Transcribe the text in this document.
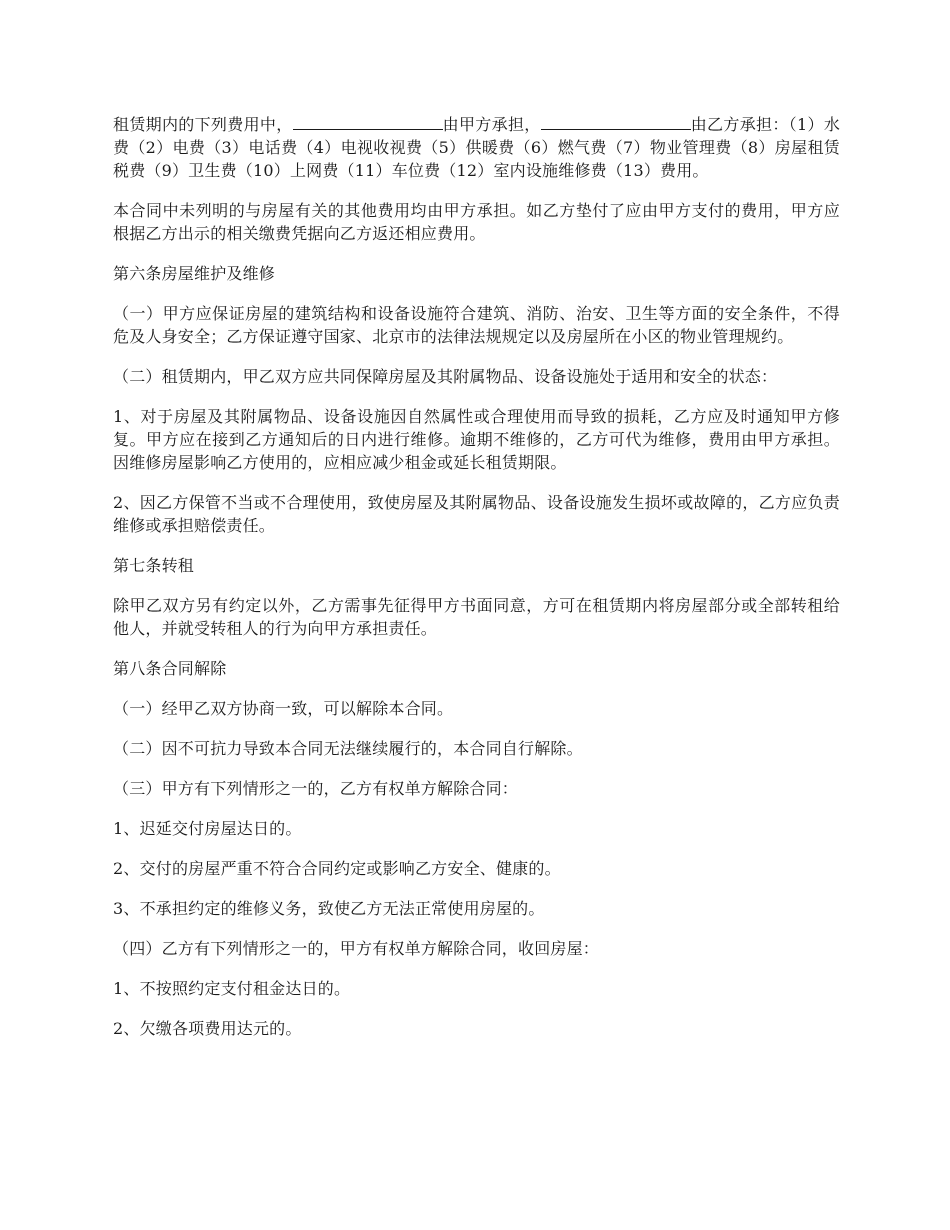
租赁期内的下列费用中，	由甲方承担，	由乙方承担：（1）水费（2）电费（3）电话费（4）电视收视费（5）供暖费（6）燃气费（7）物业管理费（8）房屋租赁税费（9）卫生费（10）上网费（11）车位费（12）室内设施维修费（13）费用。

本合同中未列明的与房屋有关的其他费用均由甲方承担。如乙方垫付了应由甲方支付的费用，甲方应根据乙方出示的相关缴费凭据向乙方返还相应费用。

第六条房屋维护及维修

（一）甲方应保证房屋的建筑结构和设备设施符合建筑、消防、治安、卫生等方面的安全条件，不得危及人身安全；乙方保证遵守国家、北京市的法律法规规定以及房屋所在小区的物业管理规约。

（二）租赁期内，甲乙双方应共同保障房屋及其附属物品、设备设施处于适用和安全的状态：

1、对于房屋及其附属物品、设备设施因自然属性或合理使用而导致的损耗，乙方应及时通知甲方修复。甲方应在接到乙方通知后的日内进行维修。逾期不维修的，乙方可代为维修，费用由甲方承担。因维修房屋影响乙方使用的，应相应减少租金或延长租赁期限。

2、因乙方保管不当或不合理使用，致使房屋及其附属物品、设备设施发生损坏或故障的，乙方应负责维修或承担赔偿责任。

第七条转租

除甲乙双方另有约定以外，乙方需事先征得甲方书面同意，方可在租赁期内将房屋部分或全部转租给他人，并就受转租人的行为向甲方承担责任。

第八条合同解除

（一）经甲乙双方协商一致，可以解除本合同。

（二）因不可抗力导致本合同无法继续履行的，本合同自行解除。

（三）甲方有下列情形之一的，乙方有权单方解除合同：

1、迟延交付房屋达日的。

2、交付的房屋严重不符合合同约定或影响乙方安全、健康的。

3、不承担约定的维修义务，致使乙方无法正常使用房屋的。

（四）乙方有下列情形之一的，甲方有权单方解除合同，收回房屋：

1、不按照约定支付租金达日的。

2、欠缴各项费用达元的。
